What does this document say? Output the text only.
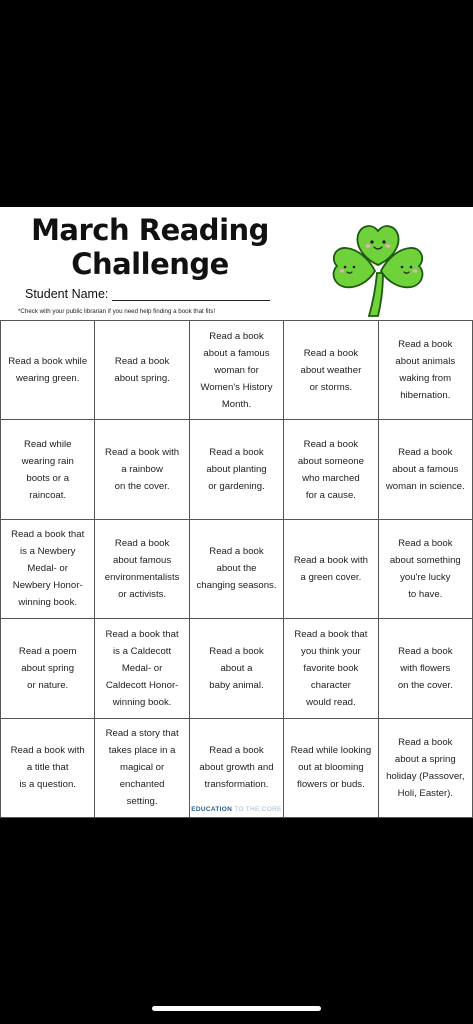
March Reading
Challenge
Student Name:
*Check with your public librarian if you need help finding a book that fits!
Read a book while
wearing green.
Read a book
about spring.
Read a book
about a famous
woman for
Women's History
Month.
Read a book
about weather
or storms.
Read a book
about animals
waking from
hibernation.
Read while
wearing rain
boots or a
raincoat.
Read a book with
a rainbow
on the cover.
Read a book
about planting
or gardening.
Read a book
about someone
who marched
for a cause.
Read a book
about a famous
woman in science.
Read a book that
is a Newbery
Medal- or
Newbery Honor-
winning book.
Read a book
about famous
environmentalists
or activists.
Read a book
about the
changing seasons.
Read a book with
a green cover.
Read a book
about something
you're lucky
to have.
Read a poem
about spring
or nature.
Read a book that
is a Caldecott
Medal- or
Caldecott Honor-
winning book.
Read a book
about a
baby animal.
Read a book that
you think your
favorite book
character
would read.
Read a book
with flowers
on the cover.
Read a book with
a title that
is a question.
Read a story that
takes place in a
magical or
enchanted
setting.
Read a book
about growth and
transformation.
EDUCATION TO THE CORE
Read while looking
out at blooming
flowers or buds.
Read a book
about a spring
holiday (Passover,
Holi, Easter).
